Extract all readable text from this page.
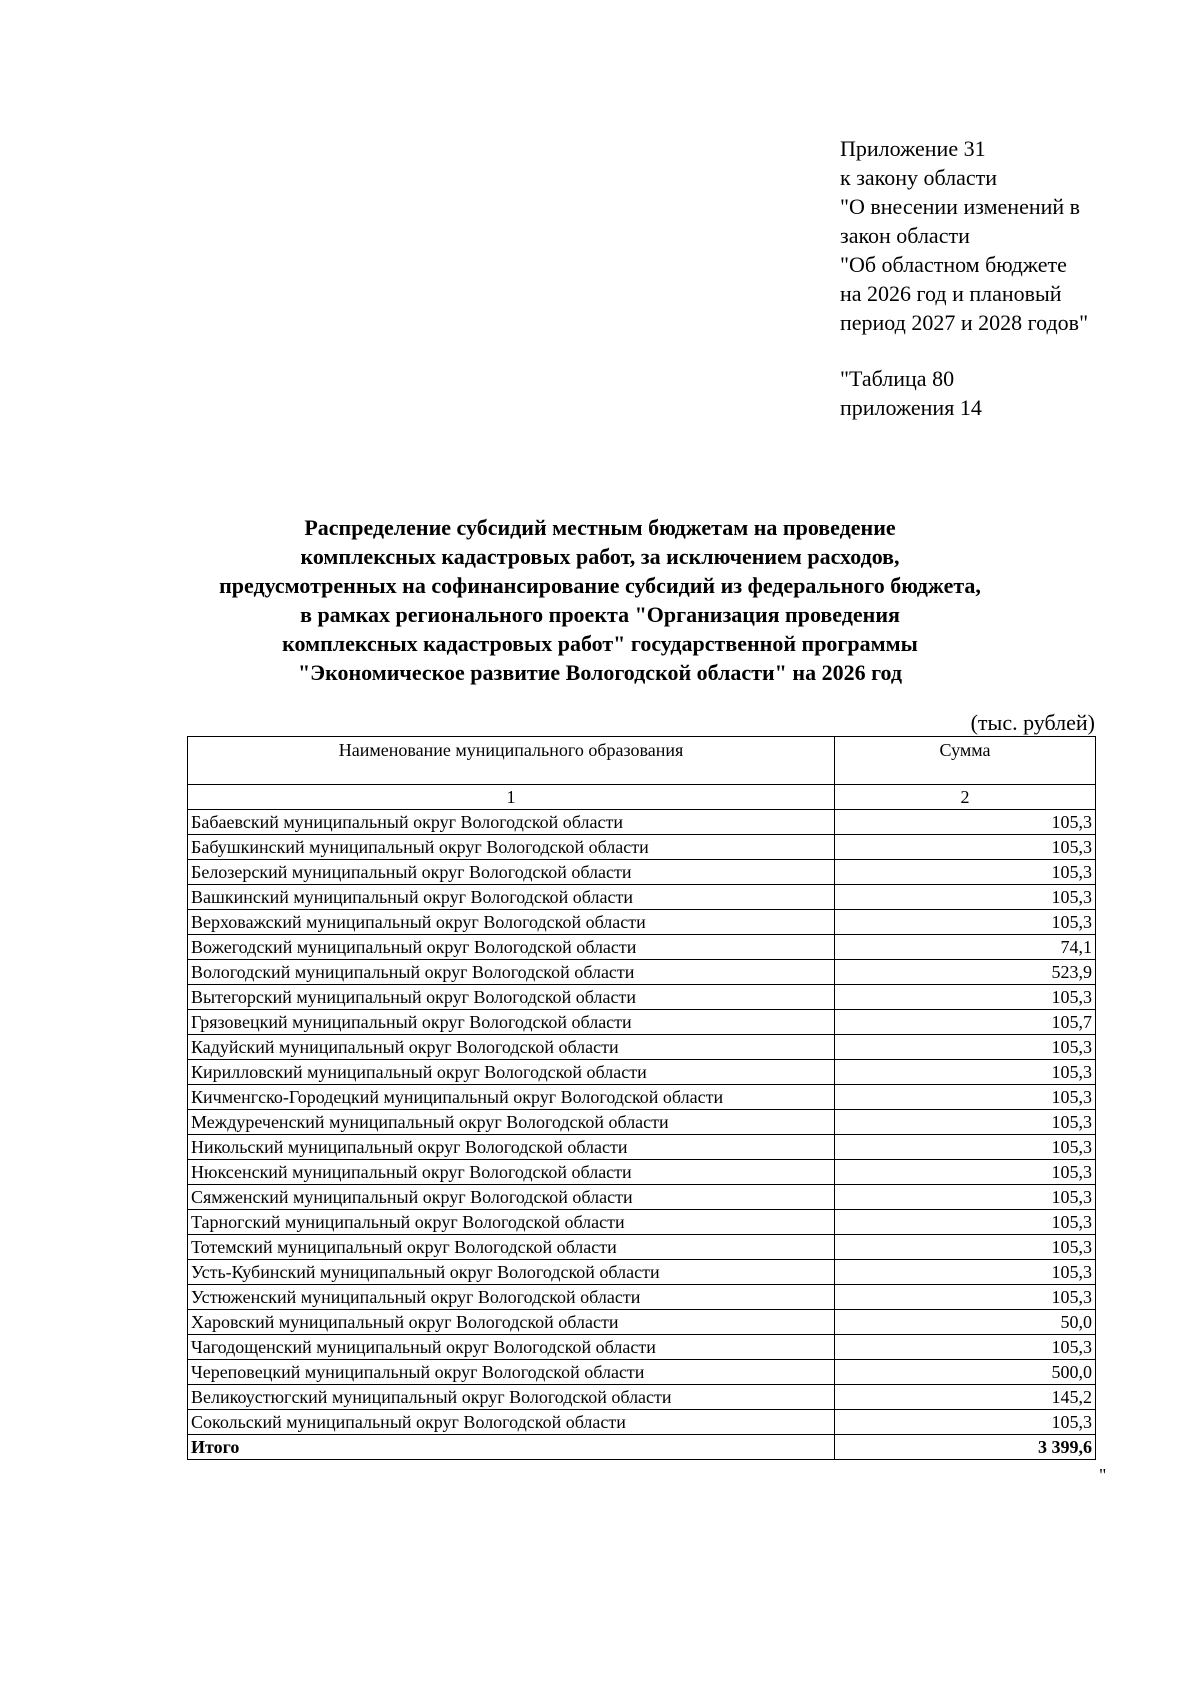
Приложение 31
к закону области
"О внесении изменений в
закон области
"Об областном бюджете
на 2026 год и плановый
период 2027 и 2028 годов"
"Таблица 80
приложения 14
Распределение субсидий местным бюджетам на проведение
комплексных кадастровых работ, за исключением расходов,
предусмотренных на софинансирование субсидий из федерального бюджета,
в рамках регионального проекта "Организация проведения
комплексных кадастровых работ" государственной программы
"Экономическое развитие Вологодской области" на 2026 год
(тыс. рублей)
Наименование муниципального образования	Сумма
1	2
Бабаевский муниципальный округ Вологодской области	105,3
Бабушкинский муниципальный округ Вологодской области	105,3
Белозерский муниципальный округ Вологодской области	105,3
Вашкинский муниципальный округ Вологодской области	105,3
Верховажский муниципальный округ Вологодской области	105,3
Вожегодский муниципальный округ Вологодской области	74,1
Вологодский муниципальный округ Вологодской области	523,9
Вытегорский муниципальный округ Вологодской области	105,3
Грязовецкий муниципальный округ Вологодской области	105,7
Кадуйский муниципальный округ Вологодской области	105,3
Кирилловский муниципальный округ Вологодской области	105,3
Кичменгско-Городецкий муниципальный округ Вологодской области	105,3
Междуреченский муниципальный округ Вологодской области	105,3
Никольский муниципальный округ Вологодской области	105,3
Нюксенский муниципальный округ Вологодской области	105,3
Сямженский муниципальный округ Вологодской области	105,3
Тарногский муниципальный округ Вологодской области	105,3
Тотемский муниципальный округ Вологодской области	105,3
Усть-Кубинский муниципальный округ Вологодской области	105,3
Устюженский муниципальный округ Вологодской области	105,3
Харовский муниципальный округ Вологодской области	50,0
Чагодощенский муниципальный округ Вологодской области	105,3
Череповецкий муниципальный округ Вологодской области	500,0
Великоустюгский муниципальный округ Вологодской области	145,2
Сокольский муниципальный округ Вологодской области	105,3
Итого	3 399,6
"
